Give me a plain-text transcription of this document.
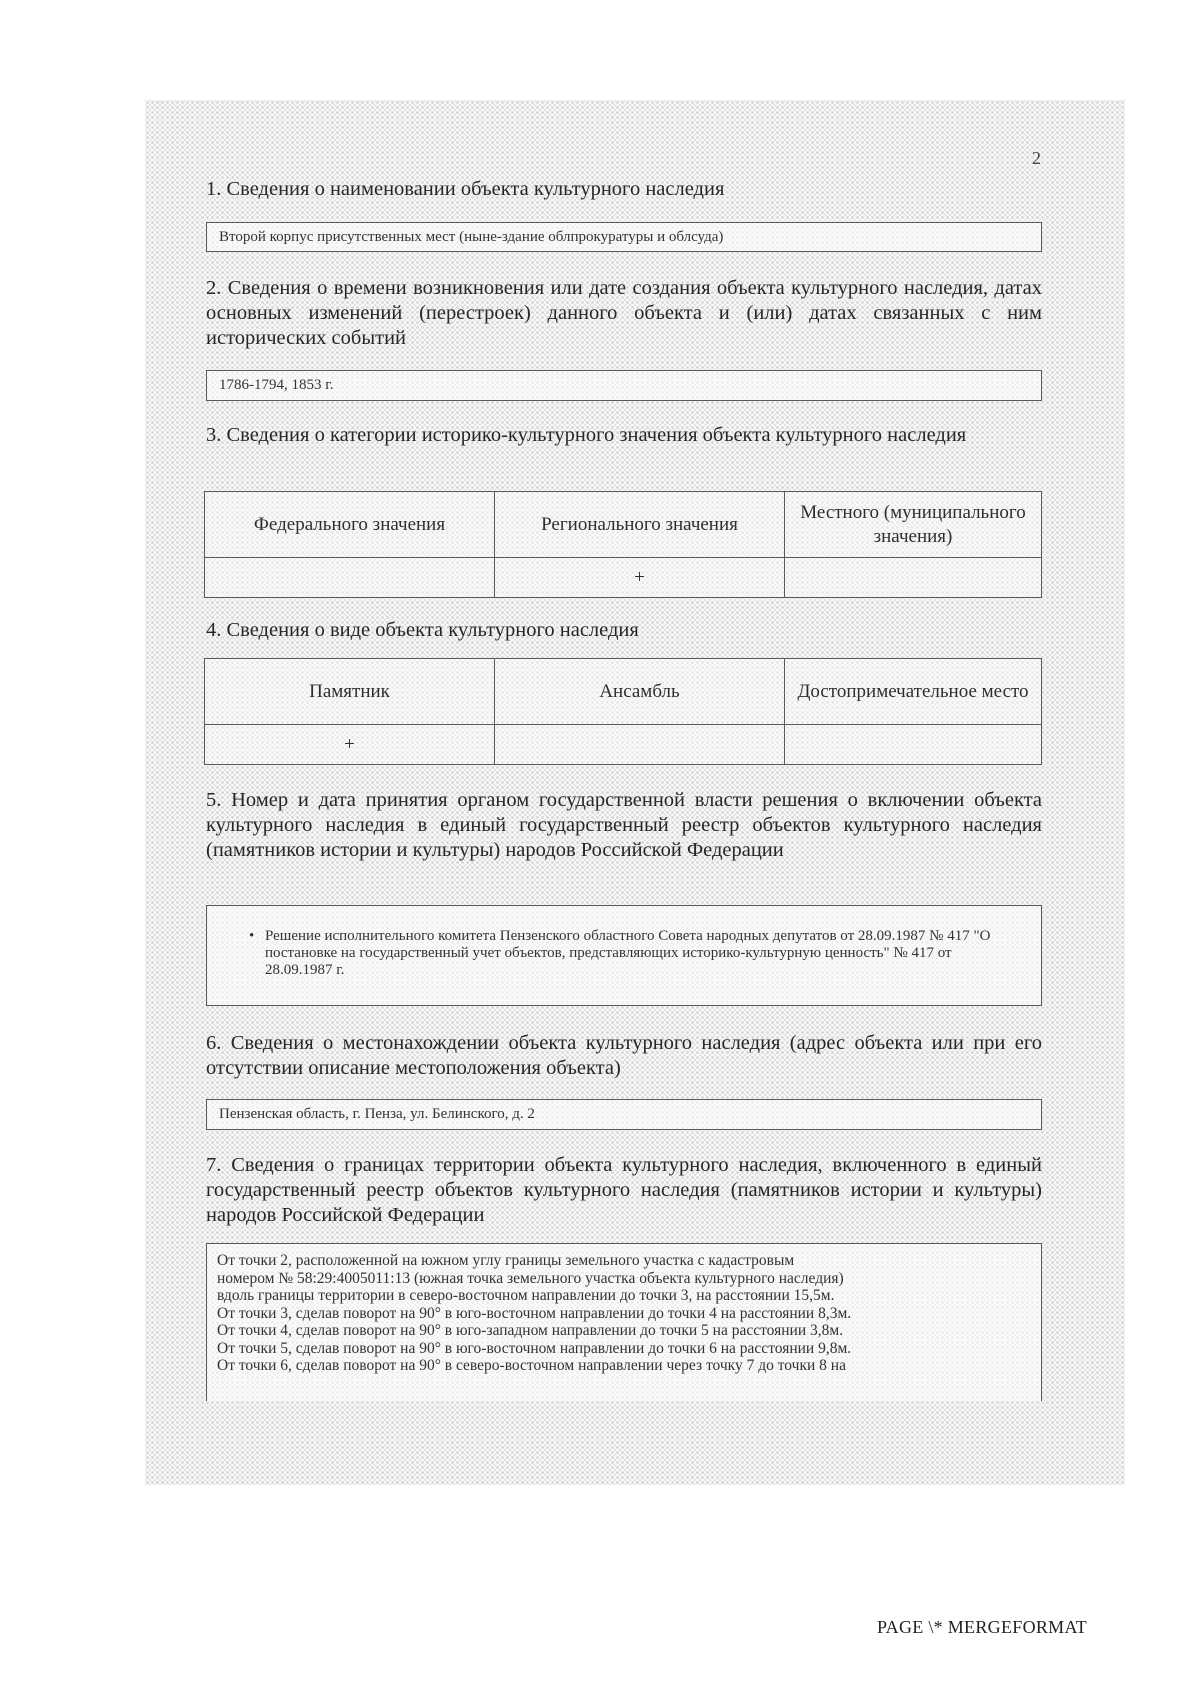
2
1. Сведения о наименовании объекта культурного наследия
Второй корпус присутственных мест (ныне-здание облпрокуратуры и облсуда)
2. Сведения о времени возникновения или дате создания объекта культурного наследия, датах основных изменений (перестроек) данного объекта и (или) датах связанных с ним исторических событий
1786-1794, 1853 г.
3. Сведения о категории историко-культурного значения объекта культурного наследия
Федерального значения	Регионального значения	Местного (муниципального значения)
	+	
4. Сведения о виде объекта культурного наследия
Памятник	Ансамбль	Достопримечательное место
+		
5. Номер и дата принятия органом государственной власти решения о включении объекта культурного наследия в единый государственный реестр объектов культурного наследия (памятников истории и культуры) народов Российской Федерации
• Решение исполнительного комитета Пензенского областного Совета народных депутатов от 28.09.1987 № 417 "О постановке на государственный учет объектов, представляющих историко-культурную ценность" № 417 от 28.09.1987 г.
6. Сведения о местонахождении объекта культурного наследия (адрес объекта или при его отсутствии описание местоположения объекта)
Пензенская область, г. Пенза, ул. Белинского, д. 2
7. Сведения о границах территории объекта культурного наследия, включенного в единый государственный реестр объектов культурного наследия (памятников истории и культуры) народов Российской Федерации
От точки 2, расположенной на южном углу границы земельного участка с кадастровым
номером № 58:29:4005011:13 (южная точка земельного участка объекта культурного наследия)
вдоль границы территории в северо-восточном направлении до точки 3, на расстоянии 15,5м.
От точки 3, сделав поворот на 90° в юго-восточном направлении до точки 4 на расстоянии 8,3м.
От точки 4, сделав поворот на 90° в юго-западном направлении до точки 5 на расстоянии 3,8м.
От точки 5, сделав поворот на 90° в юго-восточном направлении до точки 6 на расстоянии 9,8м.
От точки 6, сделав поворот на 90° в северо-восточном направлении через точку 7 до точки 8 на
PAGE \* MERGEFORMAT
